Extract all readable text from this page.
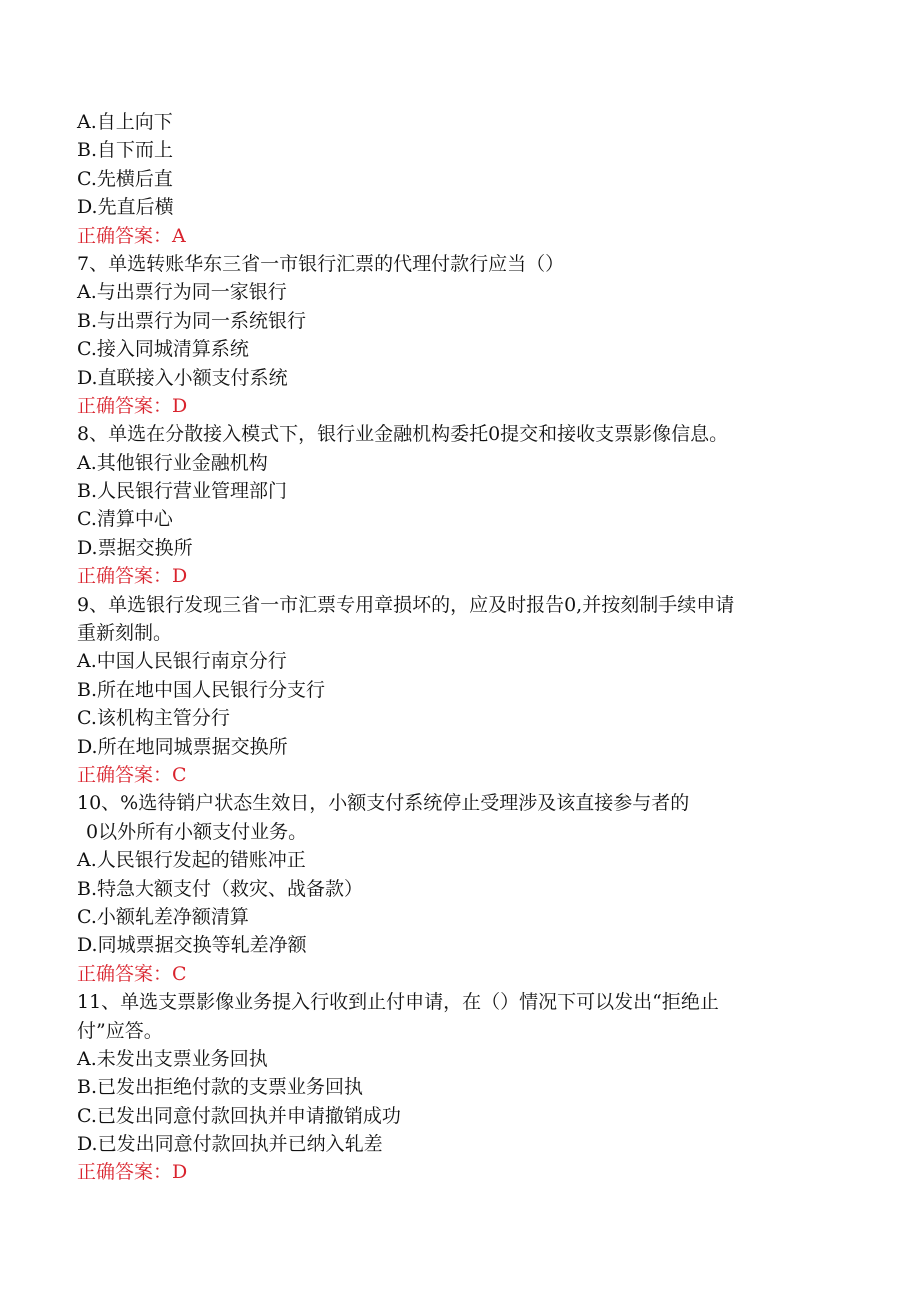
A.自上向下
B.自下而上
C.先横后直
D.先直后横
正确答案：A
7、单选转账华东三省一市银行汇票的代理付款行应当（）
A.与出票行为同一家银行
B.与出票行为同一系统银行
C.接入同城清算系统
D.直联接入小额支付系统
正确答案：D
8、单选在分散接入模式下，银行业金融机构委托0提交和接收支票影像信息。
A.其他银行业金融机构
B.人民银行营业管理部门
C.清算中心
D.票据交换所
正确答案：D
9、单选银行发现三省一市汇票专用章损坏的，应及时报告0,并按刻制手续申请
重新刻制。
A.中国人民银行南京分行
B.所在地中国人民银行分支行
C.该机构主管分行
D.所在地同城票据交换所
正确答案：C
10、%选待销户状态生效日，小额支付系统停止受理涉及该直接参与者的
0以外所有小额支付业务。
A.人民银行发起的错账冲正
B.特急大额支付（救灾、战备款）
C.小额轧差净额清算
D.同城票据交换等轧差净额
正确答案：C
11、单选支票影像业务提入行收到止付申请，在（）情况下可以发出“拒绝止
付”应答。
A.未发出支票业务回执
B.已发出拒绝付款的支票业务回执
C.已发出同意付款回执并申请撤销成功
D.已发出同意付款回执并已纳入轧差
正确答案：D
